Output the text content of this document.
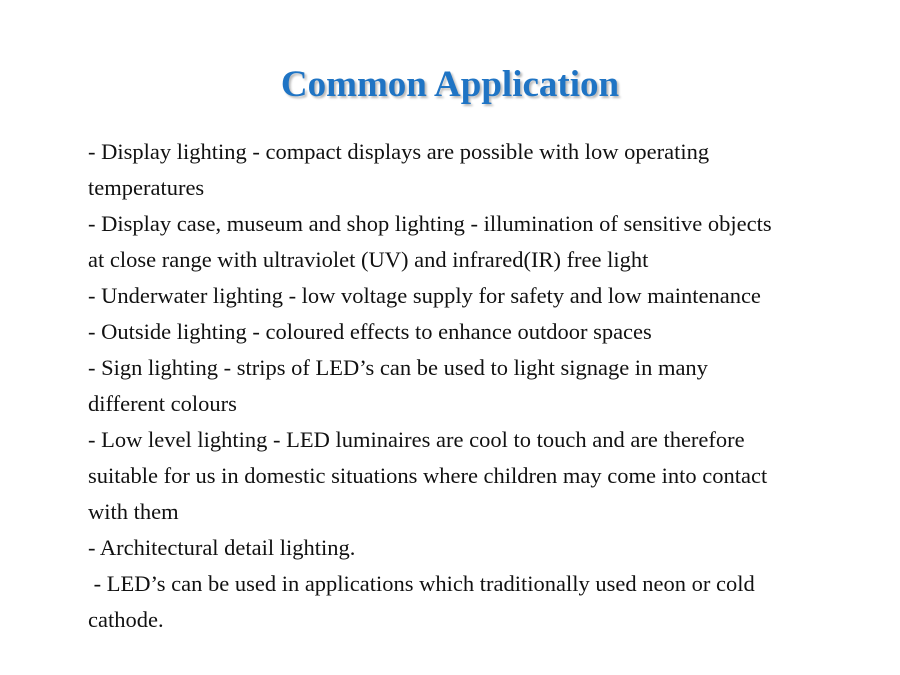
Common Application
- Display lighting - compact displays are possible with low operating
temperatures
- Display case, museum and shop lighting - illumination of sensitive objects
at close range with ultraviolet (UV) and infrared(IR) free light
- Underwater lighting - low voltage supply for safety and low maintenance
- Outside lighting - coloured effects to enhance outdoor spaces
- Sign lighting - strips of LED’s can be used to light signage in many
different colours
- Low level lighting - LED luminaires are cool to touch and are therefore
suitable for us in domestic situations where children may come into contact
with them
- Architectural detail lighting.
- LED’s can be used in applications which traditionally used neon or cold
cathode.
